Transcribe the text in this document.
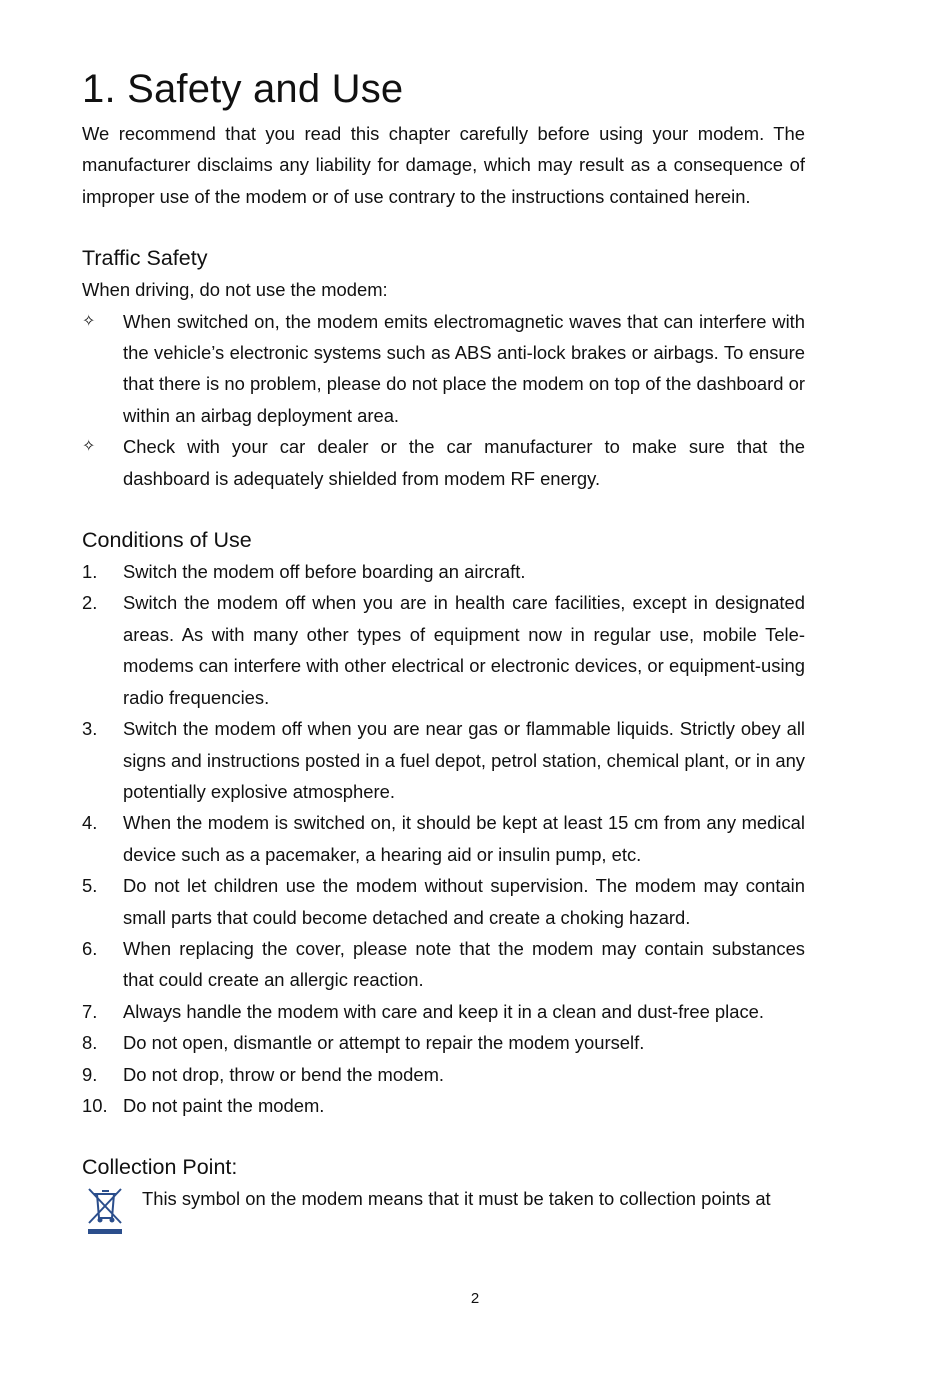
1. Safety and Use

We recommend that you read this chapter carefully before using your modem. The manufacturer disclaims any liability for damage, which may result as a consequence of improper use of the modem or of use contrary to the instructions contained herein.

Traffic Safety

When driving, do not use the modem:

✧	When switched on, the modem emits electromagnetic waves that can interfere with the vehicle’s electronic systems such as ABS anti-lock brakes or airbags. To ensure that there is no problem, please do not place the modem on top of the dashboard or within an airbag deployment area.
✧	Check with your car dealer or the car manufacturer to make sure that the dashboard is adequately shielded from modem RF energy.
Conditions of Use
1.	Switch the modem off before boarding an aircraft.
2.	Switch the modem off when you are in health care facilities, except in designated areas. As with many other types of equipment now in regular use, mobile Tele-modems can interfere with other electrical or electronic devices, or equipment-using radio frequencies.
3.	Switch the modem off when you are near gas or flammable liquids. Strictly obey all signs and instructions posted in a fuel depot, petrol station, chemical plant, or in any potentially explosive atmosphere.
4.	When the modem is switched on, it should be kept at least 15 cm from any medical device such as a pacemaker, a hearing aid or insulin pump, etc.
5.	Do not let children use the modem without supervision. The modem may contain small parts that could become detached and create a choking hazard.
6.	When replacing the cover, please note that the modem may contain substances that could create an allergic reaction.
7.	Always handle the modem with care and keep it in a clean and dust-free place.
8.	Do not open, dismantle or attempt to repair the modem yourself.
9.	Do not drop, throw or bend the modem.
10. Do not paint the modem.
Collection Point:

This symbol on the modem means that it must be taken to collection points at

2
